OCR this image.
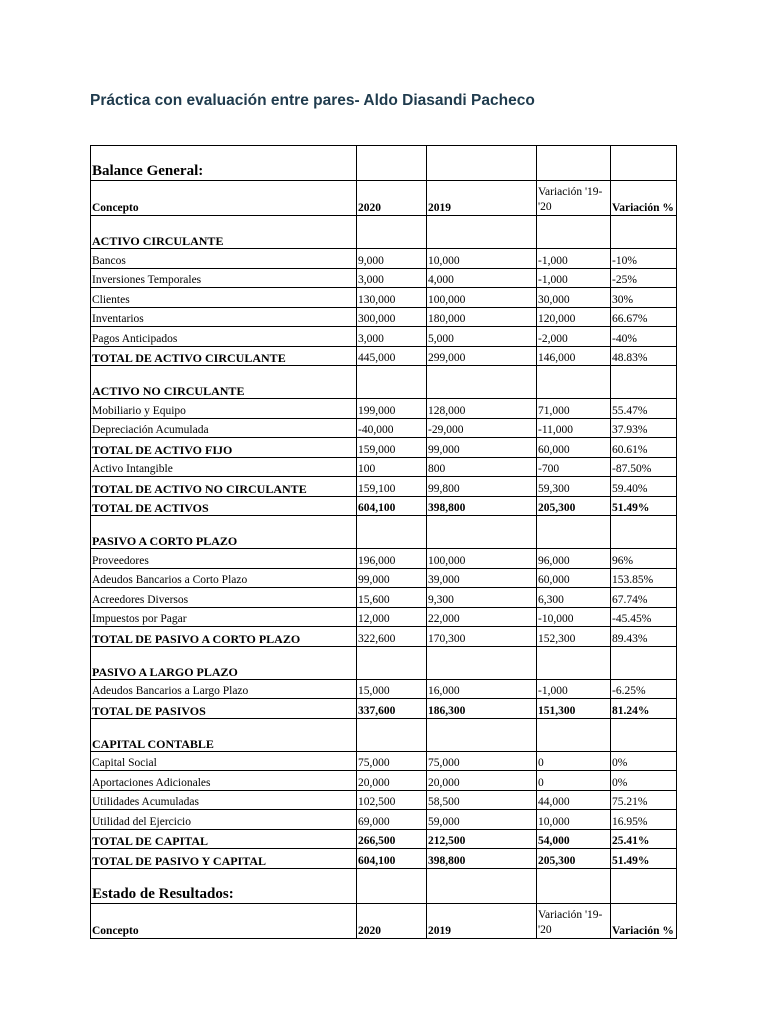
Práctica con evaluación entre pares- Aldo Diasandi Pacheco
Balance General:				
Concepto	2020	2019	Variación '19-'20	Variación %
ACTIVO CIRCULANTE				
Bancos	9,000	10,000	-1,000	-10%
Inversiones Temporales	3,000	4,000	-1,000	-25%
Clientes	130,000	100,000	30,000	30%
Inventarios	300,000	180,000	120,000	66.67%
Pagos Anticipados	3,000	5,000	-2,000	-40%
TOTAL DE ACTIVO CIRCULANTE	445,000	299,000	146,000	48.83%
ACTIVO NO CIRCULANTE				
Mobiliario y Equipo	199,000	128,000	71,000	55.47%
Depreciación Acumulada	-40,000	-29,000	-11,000	37.93%
TOTAL DE ACTIVO FIJO	159,000	99,000	60,000	60.61%
Activo Intangible	100	800	-700	-87.50%
TOTAL DE ACTIVO NO CIRCULANTE	159,100	99,800	59,300	59.40%
TOTAL DE ACTIVOS	604,100	398,800	205,300	51.49%
PASIVO A CORTO PLAZO				
Proveedores	196,000	100,000	96,000	96%
Adeudos Bancarios a Corto Plazo	99,000	39,000	60,000	153.85%
Acreedores Diversos	15,600	9,300	6,300	67.74%
Impuestos por Pagar	12,000	22,000	-10,000	-45.45%
TOTAL DE PASIVO A CORTO PLAZO	322,600	170,300	152,300	89.43%
PASIVO A LARGO PLAZO				
Adeudos Bancarios a Largo Plazo	15,000	16,000	-1,000	-6.25%
TOTAL DE PASIVOS	337,600	186,300	151,300	81.24%
CAPITAL CONTABLE				
Capital Social	75,000	75,000	0	0%
Aportaciones Adicionales	20,000	20,000	0	0%
Utilidades Acumuladas	102,500	58,500	44,000	75.21%
Utilidad del Ejercicio	69,000	59,000	10,000	16.95%
TOTAL DE CAPITAL	266,500	212,500	54,000	25.41%
TOTAL DE PASIVO Y CAPITAL	604,100	398,800	205,300	51.49%
Estado de Resultados:				
Concepto	2020	2019	Variación '19-'20	Variación %
